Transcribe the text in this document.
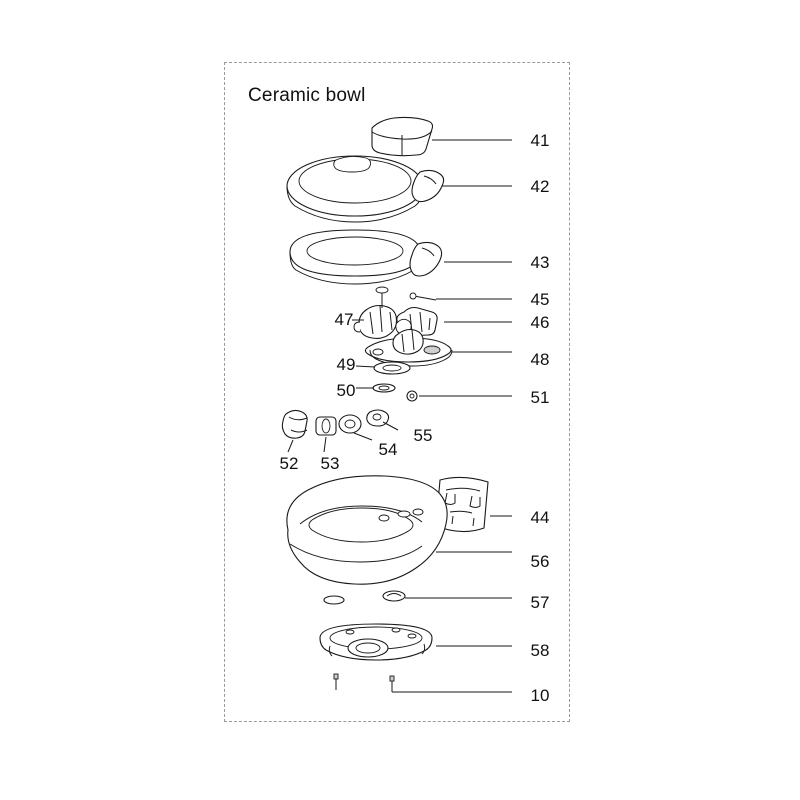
Ceramic bowl
41
42
43
45
46
47
48
49
50	51
52	53
54
55
44
56
57
58
10
